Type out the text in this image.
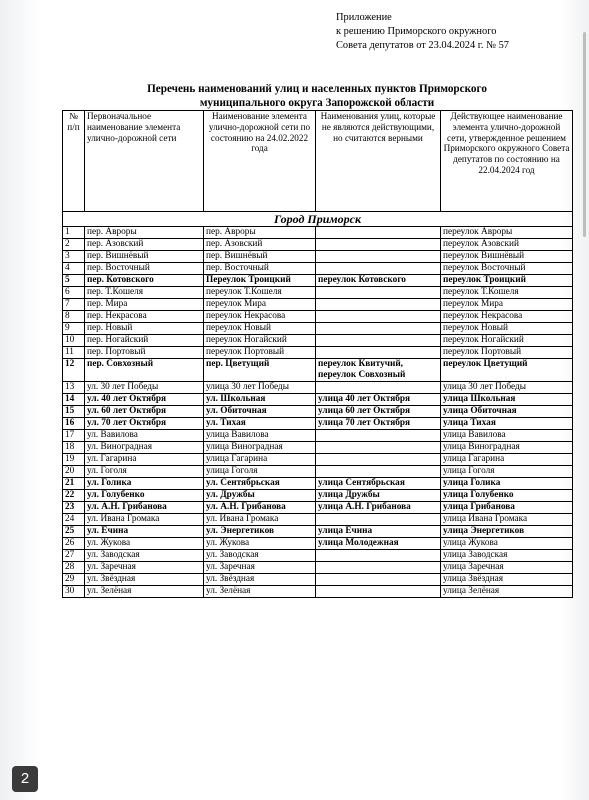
Приложение
к решению Приморского окружного
Совета депутатов от 23.04.2024 г. № 57
Перечень наименований улиц и населенных пунктов Приморского
муниципального округа Запорожской области
№ п/п	Первоначальное наименование элемента улично-дорожной сети	Наименование элемента улично-дорожной сети по состоянию на 24.02.2022 года	Наименования улиц, которые не являются действующими, но считаются верными	Действующее наименование элемента улично-дорожной сети, утвержденное решением Приморского окружного Совета депутатов по состоянию на 22.04.2024 год
Город Приморск				
1	пер. Авроры	пер. Авроры		переулок Авроры
2	пер. Азовский	пер. Азовский		переулок Азовский
3	пер. Вишнёвый	пер. Вишнёвый		переулок Вишнёвый
4	пер. Восточный	пер. Восточный		переулок Восточный
5	пер. Котовского	Переулок Троицкий	переулок Котовского	переулок Троицкий
6	пер. Т.Кошеля	переулок Т.Кошеля		переулок Т.Кошеля
7	пер. Мира	переулок Мира		переулок Мира
8	пер. Некрасова	переулок Некрасова		переулок Некрасова
9	пер. Новый	переулок Новый		переулок Новый
10	пер. Ногайский	переулок Ногайский		переулок Ногайский
11	пер. Портовый	переулок Портовый		переулок Портовый
12	пер. Совхозный	пер. Цветущий	переулок Квитучий, переулок Совхозный	переулок Цветущий
13	ул. 30 лет Победы	улица 30 лет Победы		улица 30 лет Победы
14	ул. 40 лет Октября	ул. Школьная	улица 40 лет Октября	улица Школьная
15	ул. 60 лет Октября	ул. Обиточная	улица 60 лет Октября	улица Обиточная
16	ул. 70 лет Октября	ул. Тихая	улица 70 лет Октября	улица Тихая
17	ул. Вавилова	улица Вавилова		улица Вавилова
18	ул. Виноградная	улица Виноградная		улица Виноградная
19	ул. Гагарина	улица Гагарина		улица Гагарина
20	ул. Гоголя	улица Гоголя		улица Гоголя
21	ул. Голика	ул. Сентябрьская	улица Сентябрьская	улица Голика
22	ул. Голубенко	ул. Дружбы	улица Дружбы	улица Голубенко
23	ул. А.Н. Грибанова	ул. А.Н. Грибанова	улица А.Н. Грибанова	улица Грибанова
24	ул. Ивана Громака	ул. Ивана Громака		улица Ивана Громака
25	ул. Ечина	ул. Энергетиков	улица Ечина	улица Энергетиков
26	ул. Жукова	ул. Жукова	улица Молодежная	улица Жукова
27	ул. Заводская	ул. Заводская		улица Заводская
28	ул. Заречная	ул. Заречная		улица Заречная
29	ул. Звёздная	ул. Звёздная		улица Звёздная
30	ул. Зелёная	ул. Зелёная		улица Зелёная
2
